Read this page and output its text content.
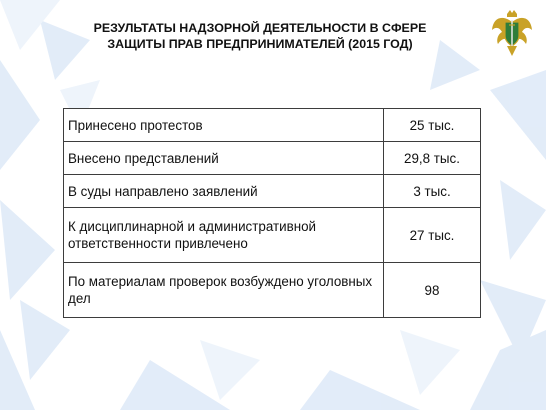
РЕЗУЛЬТАТЫ НАДЗОРНОЙ ДЕЯТЕЛЬНОСТИ В СФЕРЕ
ЗАЩИТЫ ПРАВ ПРЕДПРИНИМАТЕЛЕЙ (2015 ГОД)
Принесено протестов	25 тыс.
Внесено представлений	29,8 тыс.
В суды направлено заявлений	3 тыс.
К дисциплинарной и административной ответственности привлечено	27 тыс.
По материалам проверок возбуждено уголовных дел	98
